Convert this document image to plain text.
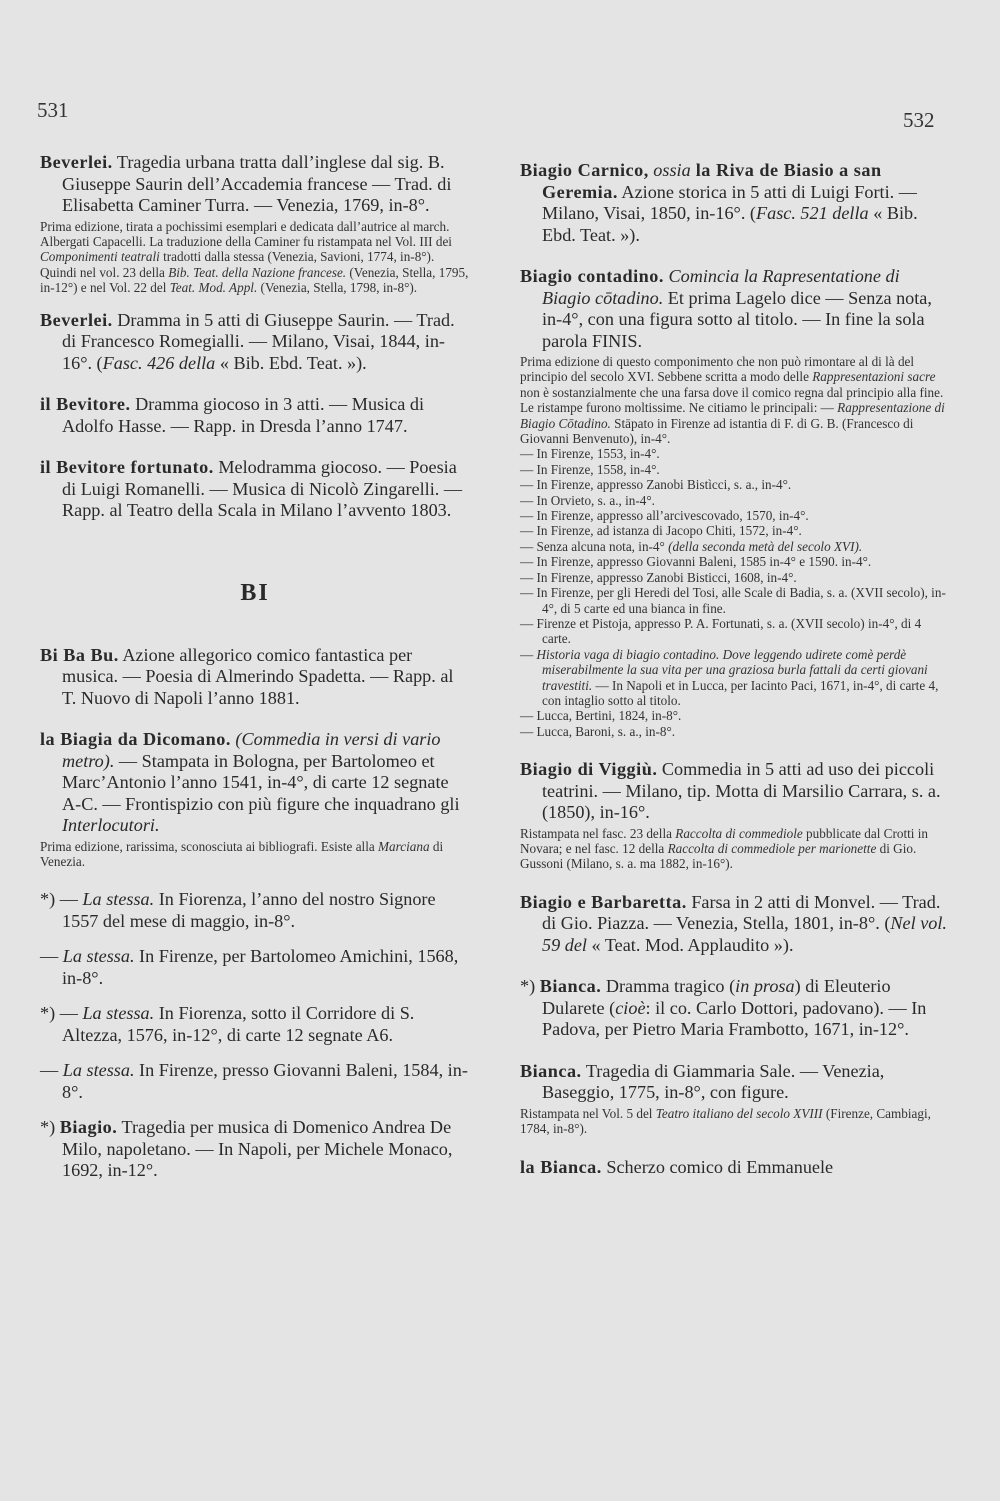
531	532

Beverlei. Tragedia urbana tratta dall’inglese dal sig. B. Giuseppe Saurin dell’Accademia francese — Trad. di Elisabetta Caminer Turra. — Venezia, 1769, in-8°.

Prima edizione, tirata a pochissimi esemplari e dedicata dall’autrice al march. Albergati Capacelli. La traduzione della Caminer fu ristampata nel Vol. III dei Componimenti teatrali tradotti dalla stessa (Venezia, Savioni, 1774, in-8°). Quindi nel vol. 23 della Bib. Teat. della Nazione francese. (Venezia, Stella, 1795, in-12°) e nel Vol. 22 del Teat. Mod. Appl. (Venezia, Stella, 1798, in-8°).

Beverlei. Dramma in 5 atti di Giuseppe Saurin. — Trad. di Francesco Romegialli. — Milano, Visai, 1844, in-16°. (Fasc. 426 della « Bib. Ebd. Teat. »).

il Bevitore. Dramma giocoso in 3 atti. — Musica di Adolfo Hasse. — Rapp. in Dresda l’anno 1747.

il Bevitore fortunato. Melodramma giocoso. — Poesia di Luigi Romanelli. — Musica di Nicolò Zingarelli. — Rapp. al Teatro della Scala in Milano l’avvento 1803.

BI

Bi Ba Bu. Azione allegorico comico fantastica per musica. — Poesia di Almerindo Spadetta. — Rapp. al T. Nuovo di Napoli l’anno 1881.

la Biagia da Dicomano. (Commedia in versi di vario metro). — Stampata in Bologna, per Bartolomeo et Marc’Antonio l’anno 1541, in-4°, di carte 12 segnate A-C. — Frontispizio con più figure che inquadrano gli Interlocutori.

Prima edizione, rarissima, sconosciuta ai bibliografi. Esiste alla Marciana di Venezia.

*) — La stessa. In Fiorenza, l’anno del nostro Signore 1557 del mese di maggio, in-8°.

— La stessa. In Firenze, per Bartolomeo Amichini, 1568, in-8°.

*) — La stessa. In Fiorenza, sotto il Corridore di S. Altezza, 1576, in-12°, di carte 12 segnate A6.

— La stessa. In Firenze, presso Giovanni Baleni, 1584, in-8°.

*) Biagio. Tragedia per musica di Domenico Andrea De Milo, napoletano. — In Napoli, per Michele Monaco, 1692, in-12°.

Biagio Carnico, ossia la Riva de Biasio a san Geremia. Azione storica in 5 atti di Luigi Forti. — Milano, Visai, 1850, in-16°. (Fasc. 521 della « Bib. Ebd. Teat. »).

Biagio contadino. Comincia la Rapresentatione di Biagio cōtadino. Et prima Lagelo dice — Senza nota, in-4°, con una figura sotto al titolo. — In fine la sola parola FINIS.

Prima edizione di questo componimento che non può rimontare al di là del principio del secolo XVI. Sebbene scritta a modo delle Rappresentazioni sacre non è sostanzialmente che una farsa dove il comico regna dal principio alla fine. Le ristampe furono moltissime. Ne citiamo le principali: — Rappresentazione di Biagio Cōtadino. Stāpato in Firenze ad istantia di F. di G. B. (Francesco di Giovanni Benvenuto), in-4°.

— In Firenze, 1553, in-4°.

— In Firenze, 1558, in-4°.

— In Firenze, appresso Zanobi Bistìcci, s. a., in-4°.

— In Orvieto, s. a., in-4°.

— In Firenze, appresso all’arcivescovado, 1570, in-4°.

— In Firenze, ad istanza di Jacopo Chiti, 1572, in-4°.

— Senza alcuna nota, in-4° (della seconda metà del secolo XVI).

— In Firenze, appresso Giovanni Baleni, 1585 in-4° e 1590. in-4°.

— In Firenze, appresso Zanobi Bisticci, 1608, in-4°.

— In Firenze, per gli Heredi del Tosi, alle Scale di Badia, s. a. (XVII secolo), in-4°, di 5 carte ed una bianca in fine.

— Firenze et Pistoja, appresso P. A. Fortunati, s. a. (XVII secolo) in-4°, di 4 carte.

— Historia vaga di biagio contadino. Dove leggendo udirete comè perdè miserabilmente la sua vita per una graziosa burla fattali da certi giovani travestiti. — In Napoli et in Lucca, per Iacinto Paci, 1671, in-4°, di carte 4, con intaglio sotto al titolo.

— Lucca, Bertini, 1824, in-8°.

— Lucca, Baroni, s. a., in-8°.

Biagio di Viggiù. Commedia in 5 atti ad uso dei piccoli teatrini. — Milano, tip. Motta di Marsilio Carrara, s. a. (1850), in-16°.

Ristampata nel fasc. 23 della Raccolta di commediole pubblicate dal Crotti in Novara; e nel fasc. 12 della Raccolta di commediole per marionette di Gio. Gussoni (Milano, s. a. ma 1882, in-16°).

Biagio e Barbaretta. Farsa in 2 atti di Monvel. — Trad. di Gio. Piazza. — Venezia, Stella, 1801, in-8°. (Nel vol. 59 del « Teat. Mod. Applaudito »).

*) Bianca. Dramma tragico (in prosa) di Eleuterio Dularete (cioè: il co. Carlo Dottori, padovano). — In Padova, per Pietro Maria Frambotto, 1671, in-12°.

Bianca. Tragedia di Giammaria Sale. — Venezia, Baseggio, 1775, in-8°, con figure.

Ristampata nel Vol. 5 del Teatro italiano del secolo XVIII (Firenze, Cambiagi, 1784, in-8°).

la Bianca. Scherzo comico di Emmanuele
